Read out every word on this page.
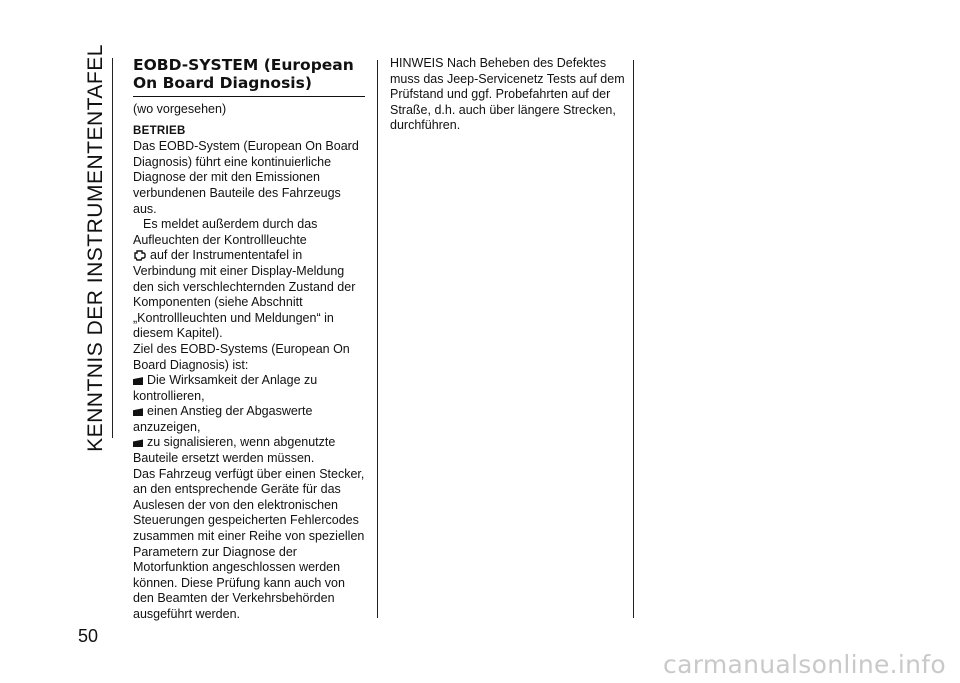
KENNTNIS DER INSTRUMENTENTAFEL
50
EOBD-SYSTEM (European On Board Diagnosis)

(wo vorgesehen)

BETRIEB

Das EOBD-System (European On Board Diagnosis) führt eine kontinuierliche Diagnose der mit den Emissionen verbundenen Bauteile des Fahrzeugs aus.

Es meldet außerdem durch das Aufleuchten der Kontrollleuchte
auf der Instrumententafel in Verbindung mit einer Display-Meldung den sich verschlechternden Zustand der Komponenten (siehe Abschnitt „Kontrollleuchten und Meldungen“ in diesem Kapitel).

Ziel des EOBD-Systems (European On Board Diagnosis) ist:

Die Wirksamkeit der Anlage zu kontrollieren,

einen Anstieg der Abgaswerte anzuzeigen,

zu signalisieren, wenn abgenutzte Bauteile ersetzt werden müssen.

Das Fahrzeug verfügt über einen Stecker, an den entsprechende Geräte für das Auslesen der von den elektronischen Steuerungen gespeicherten Fehlercodes zusammen mit einer Reihe von speziellen Parametern zur Diagnose der Motorfunktion angeschlossen werden können. Diese Prüfung kann auch von den Beamten der Verkehrsbehörden ausgeführt werden.

HINWEIS Nach Beheben des Defektes muss das Jeep-Servicenetz Tests auf dem Prüfstand und ggf. Probefahrten auf der Straße, d.h. auch über längere Strecken, durchführen.

carmanualsonline.info
